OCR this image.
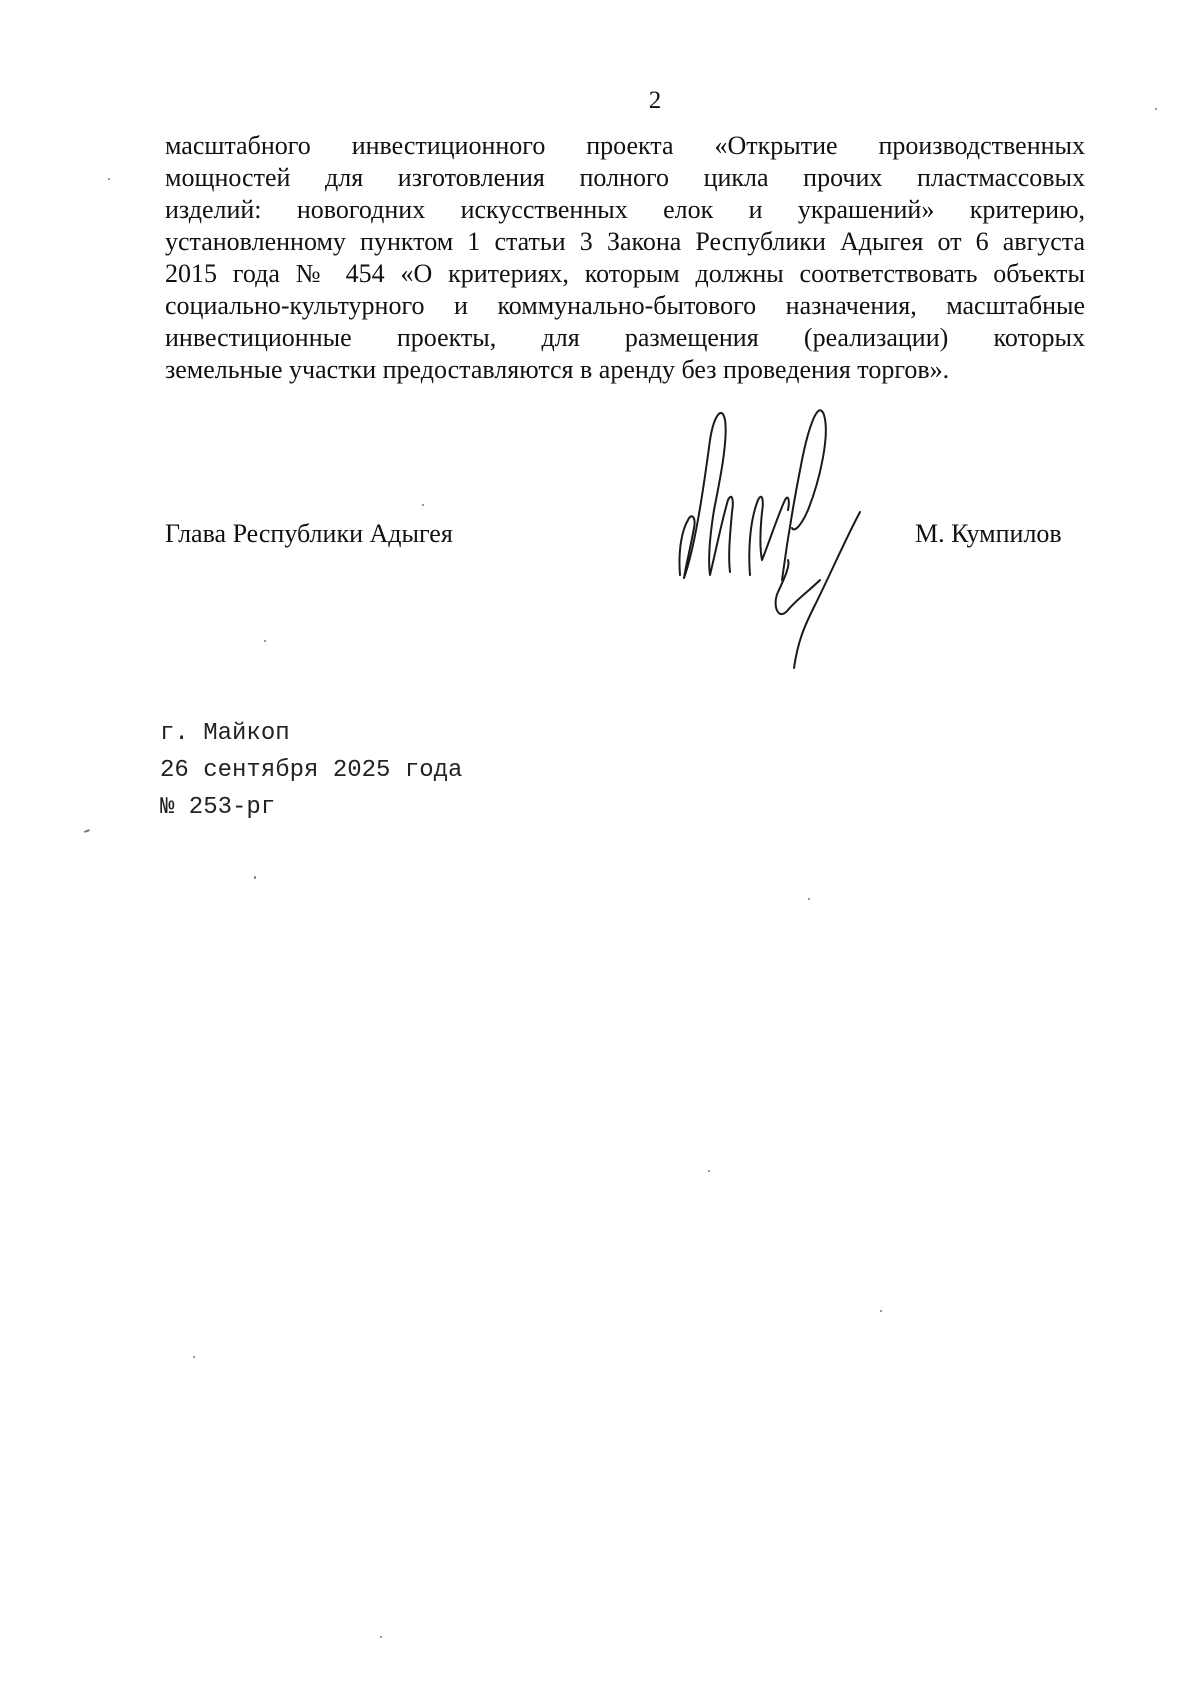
2
масштабного инвестиционного проекта «Открытие производственных
мощностей для изготовления полного цикла прочих пластмассовых
изделий: новогодних искусственных елок и украшений» критерию,
установленному пунктом 1 статьи 3 Закона Республики Адыгея от 6 августа
2015 года № 454 «О критериях, которым должны соответствовать объекты
социально-культурного и коммунально-бытового назначения, масштабные
инвестиционные проекты, для размещения (реализации) которых
земельные участки предоставляются в аренду без проведения торгов».
Глава Республики Адыгея	М. Кумпилов
г. Майкоп
26 сентября 2025 года
№ 253-рг
